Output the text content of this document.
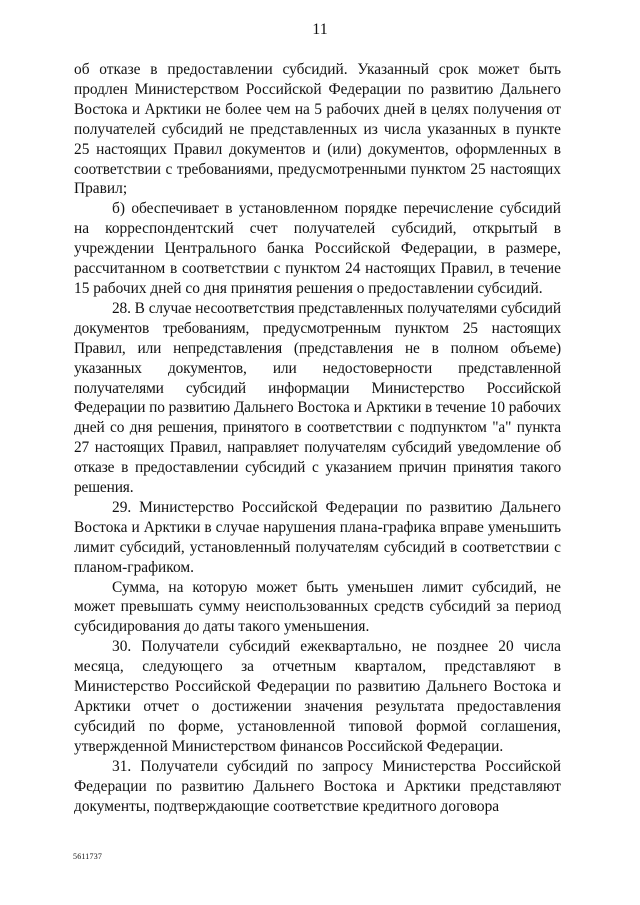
11

об отказе в предоставлении субсидий. Указанный срок может быть продлен Министерством Российской Федерации по развитию Дальнего Востока и Арктики не более чем на 5 рабочих дней в целях получения от получателей субсидий не представленных из числа указанных в пункте 25 настоящих Правил документов и (или) документов, оформленных в соответствии с требованиями, предусмотренными пунктом 25 настоящих Правил;

б) обеспечивает в установленном порядке перечисление субсидий на корреспондентский счет получателей субсидий, открытый в учреждении Центрального банка Российской Федерации, в размере, рассчитанном в соответствии с пунктом 24 настоящих Правил, в течение 15 рабочих дней со дня принятия решения о предоставлении субсидий.

28. В случае несоответствия представленных получателями субсидий документов требованиям, предусмотренным пунктом 25 настоящих Правил, или непредставления (представления не в полном объеме) указанных документов, или недостоверности представленной получателями субсидий информации Министерство Российской Федерации по развитию Дальнего Востока и Арктики в течение 10 рабочих дней со дня решения, принятого в соответствии с подпунктом "а" пункта 27 настоящих Правил, направляет получателям субсидий уведомление об отказе в предоставлении субсидий с указанием причин принятия такого решения.

29. Министерство Российской Федерации по развитию Дальнего Востока и Арктики в случае нарушения плана-графика вправе уменьшить лимит субсидий, установленный получателям субсидий в соответствии с планом-графиком.

Сумма, на которую может быть уменьшен лимит субсидий, не может превышать сумму неиспользованных средств субсидий за период субсидирования до даты такого уменьшения.

30. Получатели субсидий ежеквартально, не позднее 20 числа месяца, следующего за отчетным кварталом, представляют в Министерство Российской Федерации по развитию Дальнего Востока и Арктики отчет о достижении значения результата предоставления субсидий по форме, установленной типовой формой соглашения, утвержденной Министерством финансов Российской Федерации.

31. Получатели субсидий по запросу Министерства Российской Федерации по развитию Дальнего Востока и Арктики представляют документы, подтверждающие соответствие кредитного договора

5611737
